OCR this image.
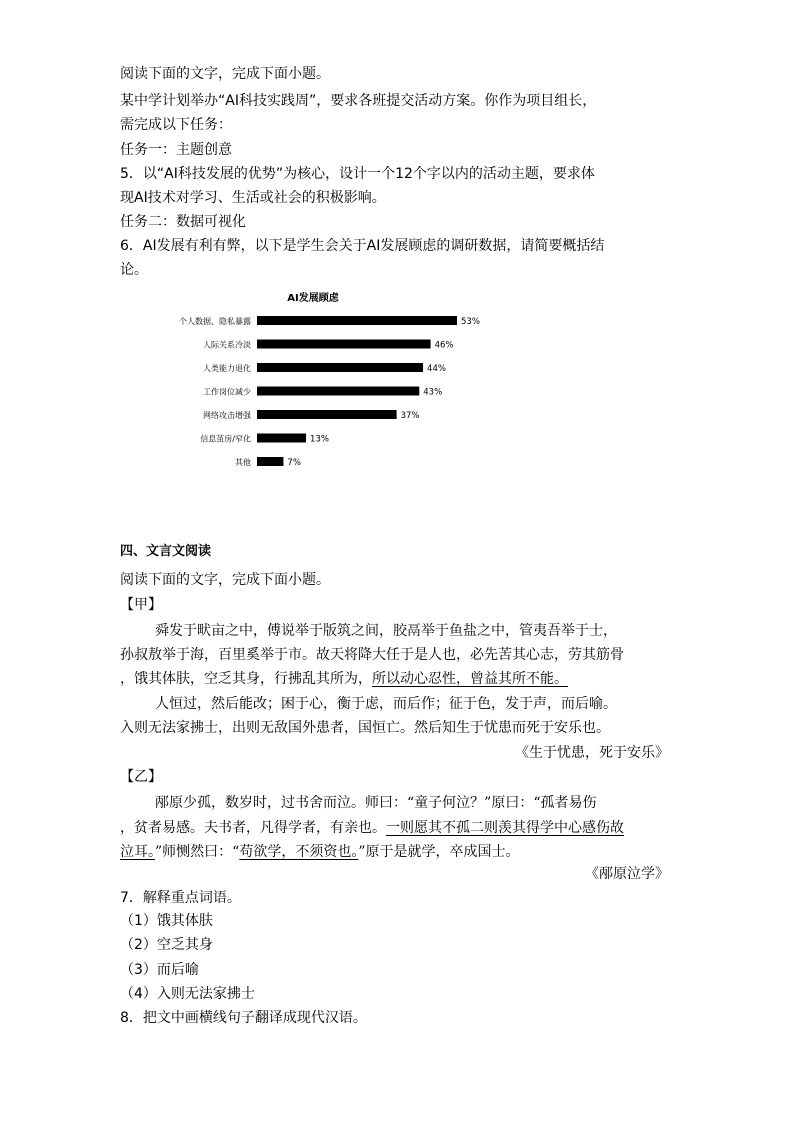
阅读下面的文字，完成下面小题。
某中学计划举办“AI科技实践周”，要求各班提交活动方案。你作为项目组长，
需完成以下任务：
任务一：主题创意
5．以“AI科技发展的优势”为核心，设计一个12个字以内的活动主题，要求体
现AI技术对学习、生活或社会的积极影响。
任务二：数据可视化
6．AI发展有利有弊，以下是学生会关于AI发展顾虑的调研数据，请简要概括结
论。
AI发展顾虑
个人数据、隐私暴露	53%
人际关系冷淡	46%
人类能力退化	44%
工作岗位减少	43%
网络攻击增强	37%
信息茧房/窄化	13%
其他	7%
四、文言文阅读
阅读下面的文字，完成下面小题。
【甲】
舜发于畎亩之中，傅说举于版筑之间，胶鬲举于鱼盐之中，管夷吾举于士，
孙叔敖举于海，百里奚举于市。故天将降大任于是人也，必先苦其心志，劳其筋骨
，饿其体肤，空乏其身，行拂乱其所为，所以动心忍性，曾益其所不能。
人恒过，然后能改；困于心，衡于虑，而后作；征于色，发于声，而后喻。
入则无法家拂士，出则无敌国外患者，国恒亡。然后知生于忧患而死于安乐也。
《生于忧患，死于安乐》
【乙】
邴原少孤，数岁时，过书舍而泣。师曰：“童子何泣？”原曰：“孤者易伤
，贫者易感。夫书者，凡得学者，有亲也。一则愿其不孤二则羡其得学中心感伤故
泣耳。”师恻然曰：“苟欲学，不须资也。”原于是就学，卒成国士。
《邴原泣学》
7．解释重点词语。
（1）饿其体肤
（2）空乏其身
（3）而后喻
（4）入则无法家拂士
8．把文中画横线句子翻译成现代汉语。
